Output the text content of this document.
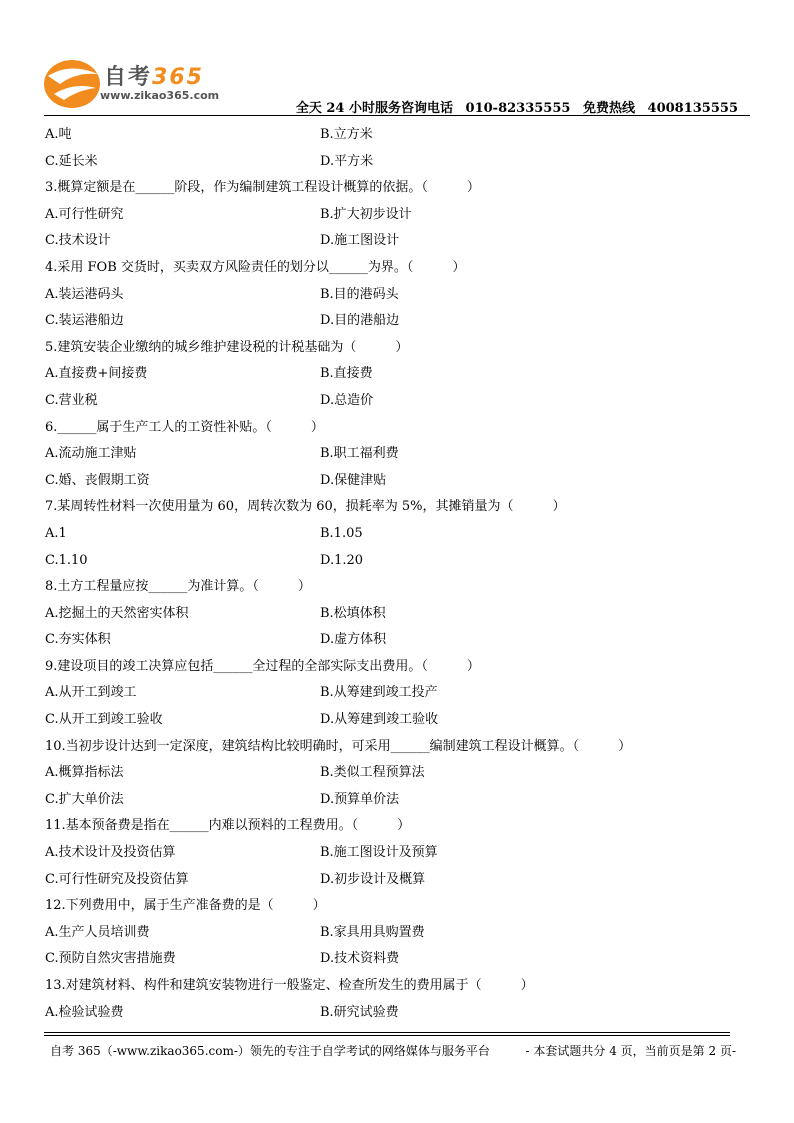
自考365
www.zikao365.com
全天 24 小时服务咨询电话 010-82335555 免费热线 4008135555
A.吨	B.立方米
C.延长米	D.平方米
3.概算定额是在______阶段，作为编制建筑工程设计概算的依据。（　　　）
A.可行性研究	B.扩大初步设计
C.技术设计	D.施工图设计
4.采用 FOB 交货时，买卖双方风险责任的划分以______为界。（　　　）
A.装运港码头	B.目的港码头
C.装运港船边	D.目的港船边
5.建筑安装企业缴纳的城乡维护建设税的计税基础为（　　　）
A.直接费+间接费	B.直接费
C.营业税	D.总造价
6.______属于生产工人的工资性补贴。（　　　）
A.流动施工津贴	B.职工福利费
C.婚、丧假期工资	D.保健津贴
7.某周转性材料一次使用量为 60，周转次数为 60，损耗率为 5%，其摊销量为（　　　）
A.1	B.1.05
C.1.10	D.1.20
8.土方工程量应按______为准计算。（　　　）
A.挖掘土的天然密实体积	B.松填体积
C.夯实体积	D.虚方体积
9.建设项目的竣工决算应包括______全过程的全部实际支出费用。（　　　）
A.从开工到竣工	B.从筹建到竣工投产
C.从开工到竣工验收	D.从筹建到竣工验收
10.当初步设计达到一定深度，建筑结构比较明确时，可采用______编制建筑工程设计概算。（　　　）
A.概算指标法	B.类似工程预算法
C.扩大单价法	D.预算单价法
11.基本预备费是指在______内难以预料的工程费用。（　　　）
A.技术设计及投资估算	B.施工图设计及预算
C.可行性研究及投资估算	D.初步设计及概算
12.下列费用中，属于生产准备费的是（　　　）
A.生产人员培训费	B.家具用具购置费
C.预防自然灾害措施费	D.技术资料费
13.对建筑材料、构件和建筑安装物进行一般鉴定、检查所发生的费用属于（　　　）
A.检验试验费	B.研究试验费
自考 365（-www.zikao365.com-）领先的专注于自学考试的网络媒体与服务平台	- 本套试题共分 4 页，当前页是第 2 页-
